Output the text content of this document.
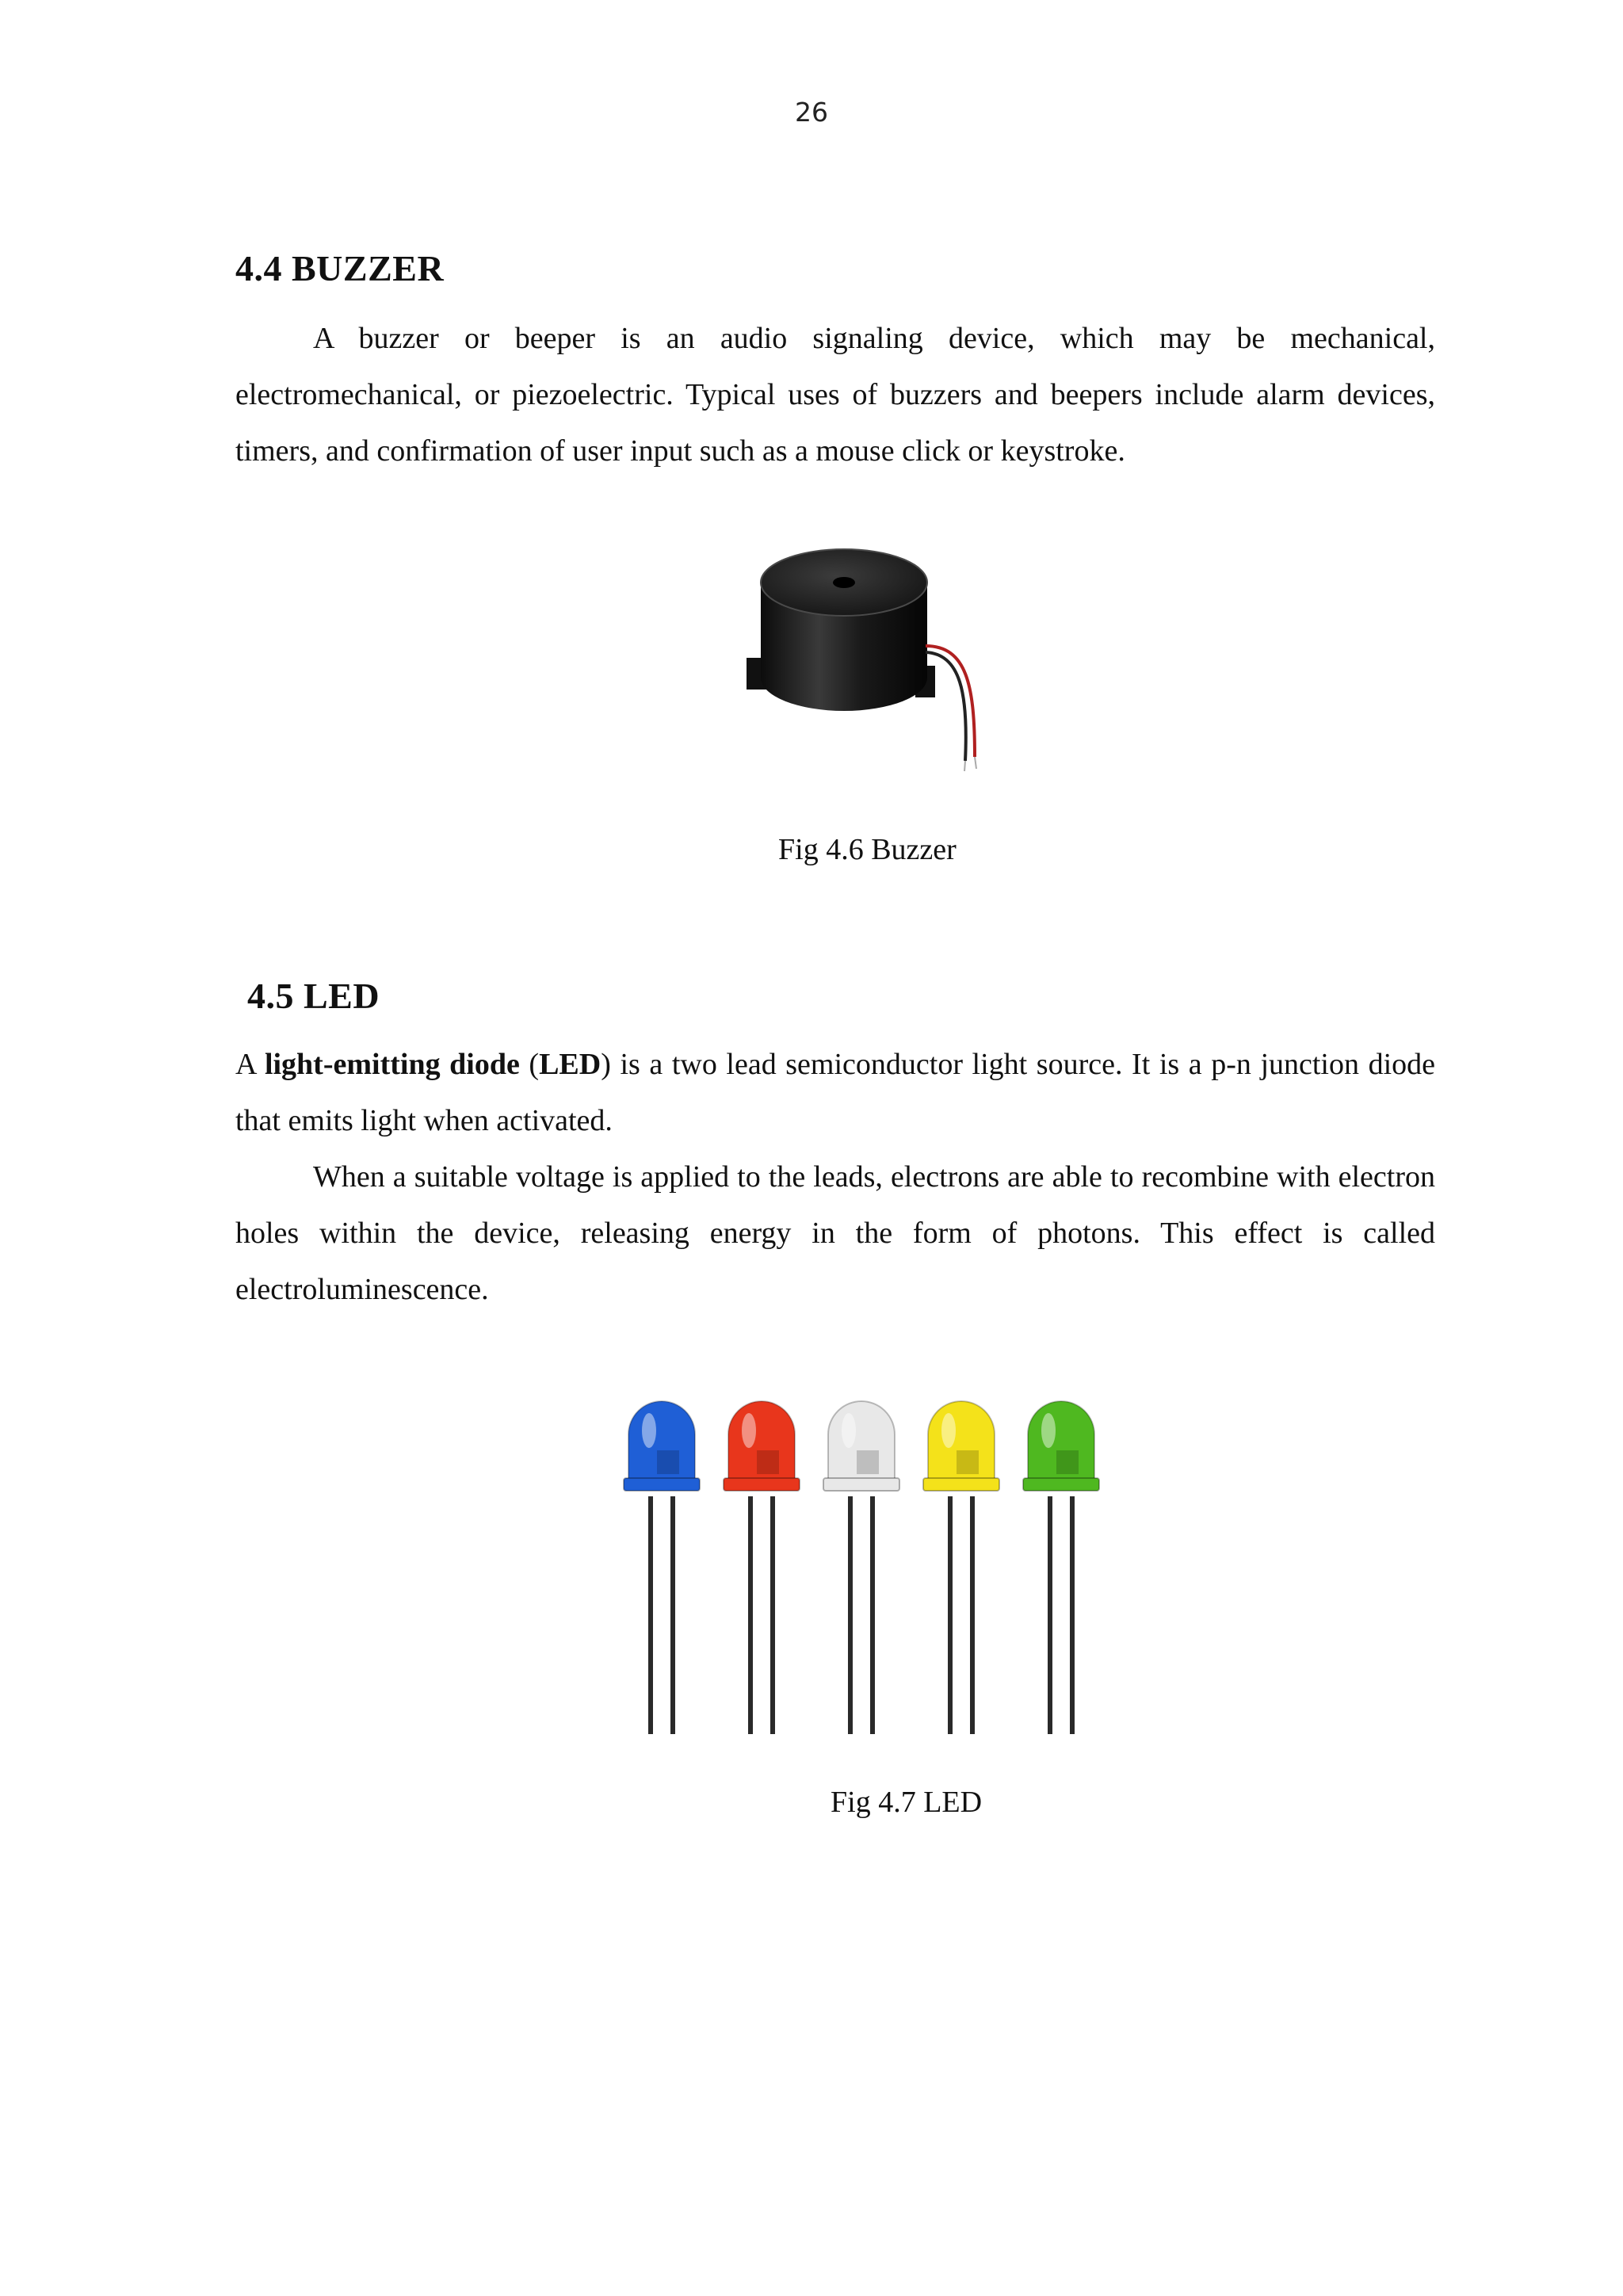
26
4.4 BUZZER
A buzzer or beeper is an audio signaling device, which may be mechanical, electromechanical, or piezoelectric. Typical uses of buzzers and beepers include alarm devices, timers, and confirmation of user input such as a mouse click or keystroke.
Fig 4.6 Buzzer
4.5 LED
A light-emitting diode (LED) is a two lead semiconductor light source. It is a p-n junction diode that emits light when activated.
When a suitable voltage is applied to the leads, electrons are able to recombine with electron holes within the device, releasing energy in the form of photons. This effect is called electroluminescence.
Fig 4.7 LED
